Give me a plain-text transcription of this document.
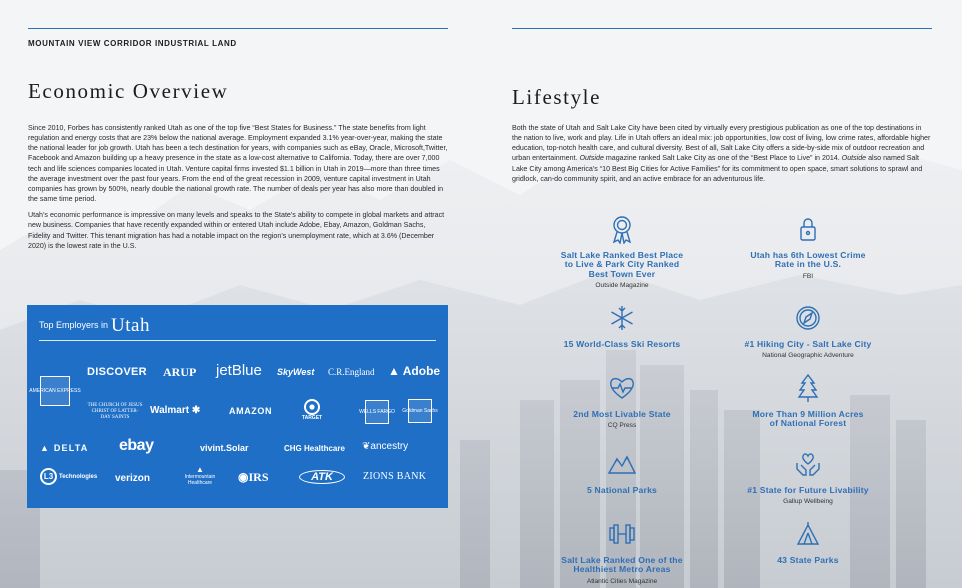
MOUNTAIN VIEW CORRIDOR INDUSTRIAL LAND
Economic Overview

Since 2010, Forbes has consistently ranked Utah as one of the top five “Best States for Business.” The state benefits from light regulation and energy costs that are 23% below the national average. Employment expanded 3.1% year-over-year, making the state the national leader for job growth. Utah has been a tech destination for years, with companies such as eBay, Oracle, Microsoft,Twitter, Facebook and Amazon building up a heavy presence in the state as a low-cost alternative to California. Today, there are over 7,000 tech and life sciences companies located in Utah. Venture capital firms invested $1.1 billion in Utah in 2019—more than three times the average investment over the past four years. From the end of the great recession in 2009, venture capital investment in Utah companies has grown by 500%, nearly double the national growth rate. The number of deals per year has also more than doubled in the same time period.

Utah’s economic performance is impressive on many levels and speaks to the State’s ability to compete in global markets and attract new business. Companies that have recently expanded within or entered Utah include Adobe, Ebay, Amazon, Goldman Sachs, Fidelity and Twitter. This tenant migration has had a notable impact on the region’s unemployment rate, which at 3.6% (December 2020) is the lowest rate in the U.S.

Top Employers in Utah
AMERICAN EXPRESS
DISCOVER ARUP jetBlue SkyWest C.R.England ▲ Adobe
THE CHURCH OF JESUS CHRIST OF LATTER-DAY SAINTS
Walmart ✱	AMAZON
TARGET
WELLS FARGO Goldman Sachs
▲ DELTA ebay	vivint.Solar	CHG Healthcare ❦ancestry
L3 Technologies verizon
▲
Intermountain Healthcare	◉IRS	ATK	ZIONS BANK
Lifestyle

Both the state of Utah and Salt Lake City have been cited by virtually every prestigious publication as one of the top destinations in the nation to live, work and play. Life in Utah offers an ideal mix: job opportunities, low cost of living, low crime rates, affordable higher education, top-notch health care, and cultural diversity. Best of all, Salt Lake City offers a side-by-side mix of outdoor recreation and urban entertainment. Outside magazine ranked Salt Lake City as one of the “Best Place to Live” in 2014. Outside also named Salt Lake City among America’s “10 Best Big Cities for Active Families” for its commitment to open space, smart solutions to sprawl and gridlock, can-do community spirit, and an active embrace for an adventurous life.

Salt Lake Ranked Best Place
to Live & Park City Ranked
Best Town Ever
Outside Magazine
Utah has 6th Lowest Crime
Rate in the U.S.
FBI
15 World-Class Ski Resorts	#1 Hiking City - Salt Lake City
National Geographic Adventure
2nd Most Livable State
CQ Press
More Than 9 Million Acres
of National Forest
5 National Parks	#1 State for Future Livability
Gallup Wellbeing
Salt Lake Ranked One of the
Healthiest Metro Areas
Atlantic Cities Magazine
43 State Parks
